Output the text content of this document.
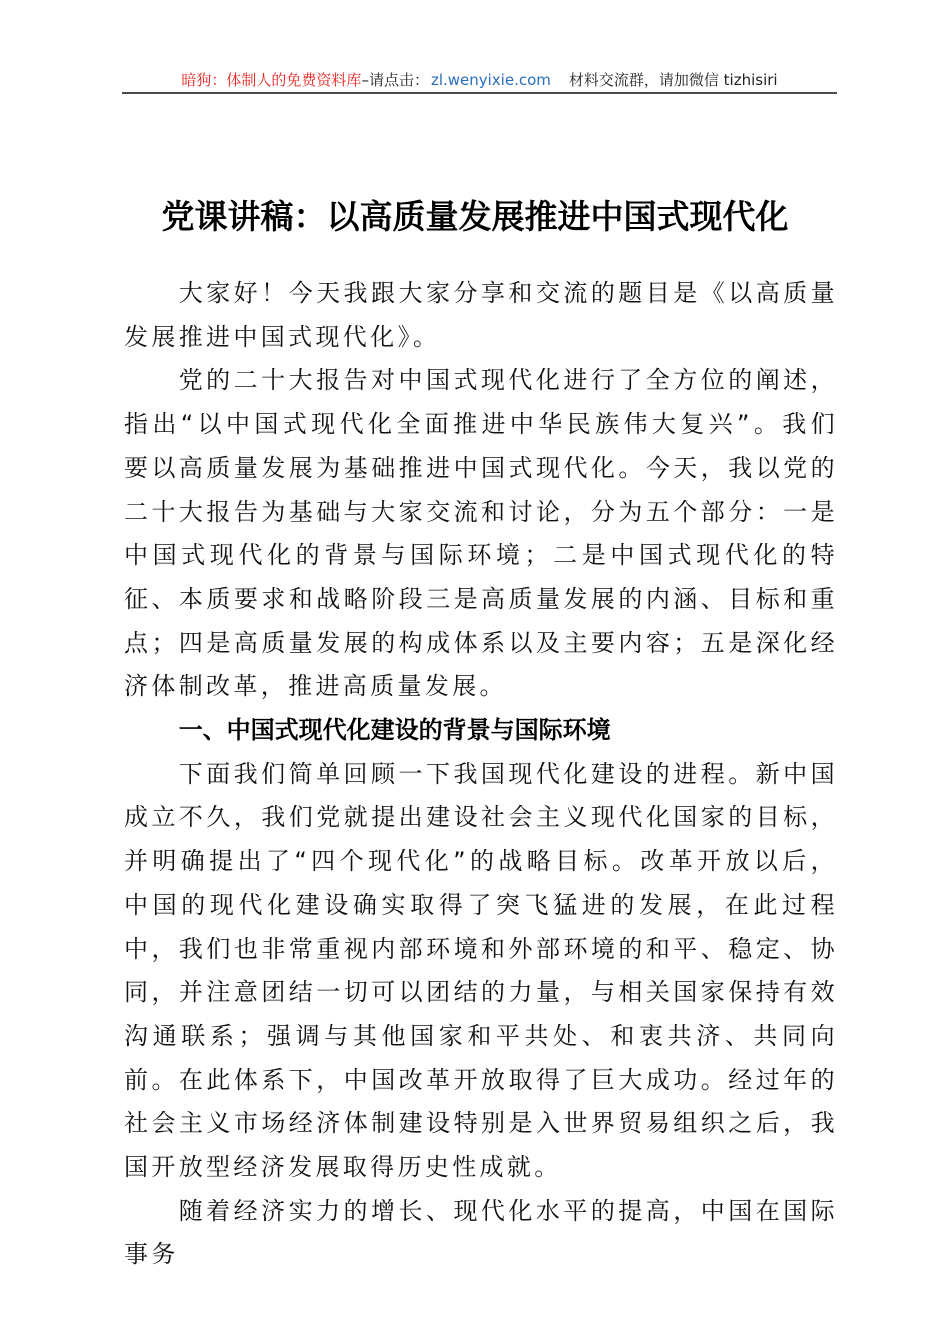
暗狗：体制人的免费资料库–请点击： zl.wenyixie.com 材料交流群，请加微信 tizhisiri
党课讲稿：以高质量发展推进中国式现代化

大家好！今天我跟大家分享和交流的题目是《以高质量发展推进中国式现代化》。

党的二十大报告对中国式现代化进行了全方位的阐述，指出“以中国式现代化全面推进中华民族伟大复兴”。我们要以高质量发展为基础推进中国式现代化。今天，我以党的二十大报告为基础与大家交流和讨论，分为五个部分：一是中国式现代化的背景与国际环境；二是中国式现代化的特征、本质要求和战略阶段三是高质量发展的内涵、目标和重点；四是高质量发展的构成体系以及主要内容；五是深化经济体制改革，推进高质量发展。

一、中国式现代化建设的背景与国际环境

下面我们简单回顾一下我国现代化建设的进程。新中国成立不久，我们党就提出建设社会主义现代化国家的目标，并明确提出了“四个现代化”的战略目标。改革开放以后，中国的现代化建设确实取得了突飞猛进的发展，在此过程中，我们也非常重视内部环境和外部环境的和平、稳定、协同，并注意团结一切可以团结的力量，与相关国家保持有效沟通联系；强调与其他国家和平共处、和衷共济、共同向前。在此体系下，中国改革开放取得了巨大成功。经过年的社会主义市场经济体制建设特别是入世界贸易组织之后，我国开放型经济发展取得历史性成就。

随着经济实力的增长、现代化水平的提高，中国在国际事务
